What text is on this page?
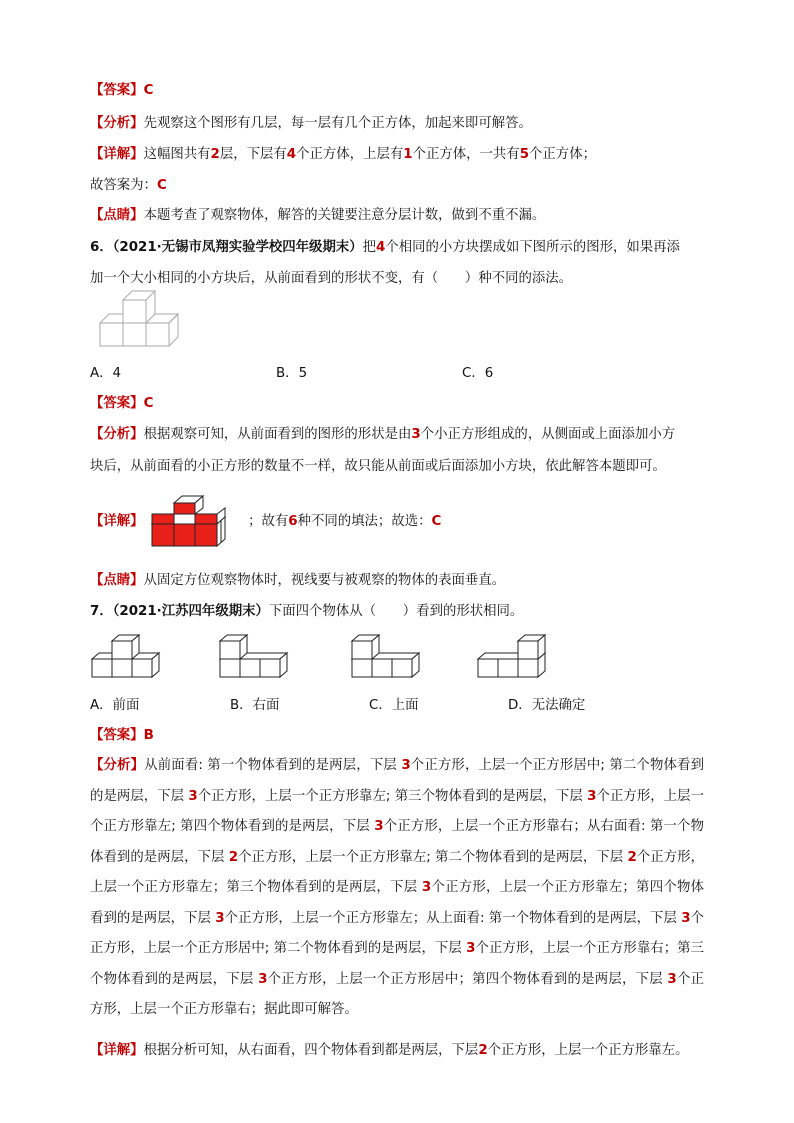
【答案】C
【分析】先观察这个图形有几层，每一层有几个正方体，加起来即可解答。
【详解】这幅图共有2层，下层有4个正方体，上层有1个正方体，一共有5个正方体；
故答案为：C
【点睛】本题考查了观察物体，解答的关键要注意分层计数，做到不重不漏。
6．（2021·无锡市凤翔实验学校四年级期末）把4个相同的小方块摆成如下图所示的图形，如果再添
加一个大小相同的小方块后，从前面看到的形状不变，有（　　）种不同的添法。
A．4	B．5	C．6
【答案】C
【分析】根据观察可知，从前面看到的图形的形状是由3个小正方形组成的，从侧面或上面添加小方
块后，从前面看的小正方形的数量不一样，故只能从前面或后面添加小方块，依此解答本题即可。
【详解】	；故有6种不同的填法；故选：C
【点睛】从固定方位观察物体时，视线要与被观察的物体的表面垂直。
7．（2021·江苏四年级期末）下面四个物体从（　　）看到的形状相同。
A．前面	B．右面	C．上面	D．无法确定
【答案】B
【分析】从前面看: 第一个物体看到的是两层，下层 3个正方形，上层一个正方形居中; 第二个物体看到的是两层，下层 3个正方形，上层一个正方形靠左; 第三个物体看到的是两层，下层 3个正方形，上层一个正方形靠左; 第四个物体看到的是两层，下层 3个正方形，上层一个正方形靠右；从右面看: 第一个物体看到的是两层，下层 2个正方形，上层一个正方形靠左; 第二个物体看到的是两层，下层 2个正方形，上层一个正方形靠左；第三个物体看到的是两层，下层 3个正方形，上层一个正方形靠左；第四个物体看到的是两层，下层 3个正方形，上层一个正方形靠左；从上面看: 第一个物体看到的是两层，下层 3个正方形，上层一个正方形居中; 第二个物体看到的是两层，下层 3个正方形，上层一个正方形靠右；第三个物体看到的是两层，下层 3个正方形，上层一个正方形居中；第四个物体看到的是两层，下层 3个正方形，上层一个正方形靠右；据此即可解答。
【详解】根据分析可知，从右面看，四个物体看到都是两层，下层2个正方形，上层一个正方形靠左。
